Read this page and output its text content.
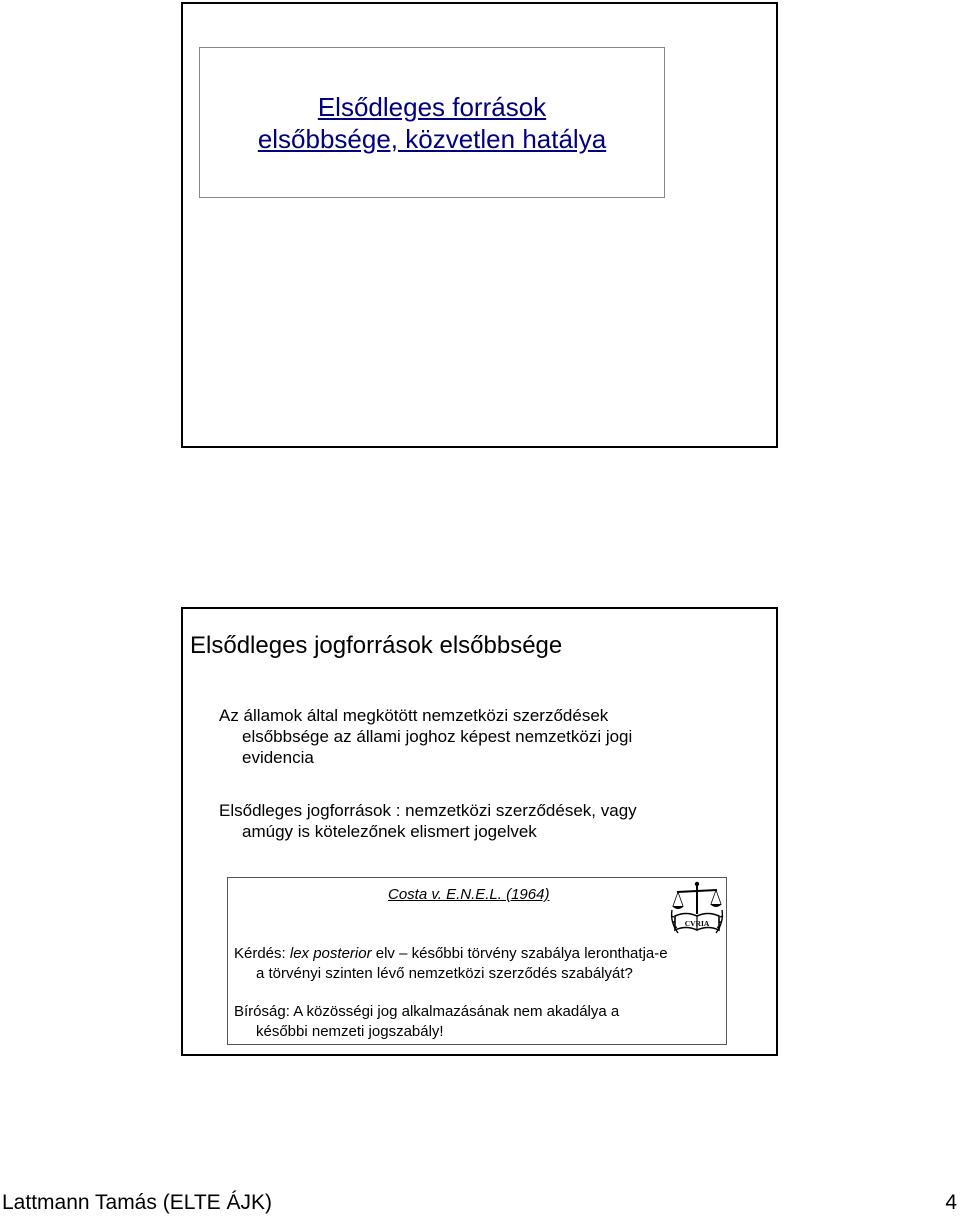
Elsődleges források
elsőbbsége, közvetlen hatálya
Elsődleges jogforrások elsőbbsége
Az államok által megkötött nemzetközi szerződések
elsőbbsége az állami joghoz képest nemzetközi jogi
evidencia
Elsődleges jogforrások : nemzetközi szerződések, vagy
amúgy is kötelezőnek elismert jogelvek
Costa v. E.N.E.L. (1964)
CVRIA
Kérdés: lex posterior elv – későbbi törvény szabálya leronthatja-e
a törvényi szinten lévő nemzetközi szerződés szabályát?
Bíróság: A közösségi jog alkalmazásának nem akadálya a
későbbi nemzeti jogszabály!
Lattmann Tamás (ELTE ÁJK)	4
